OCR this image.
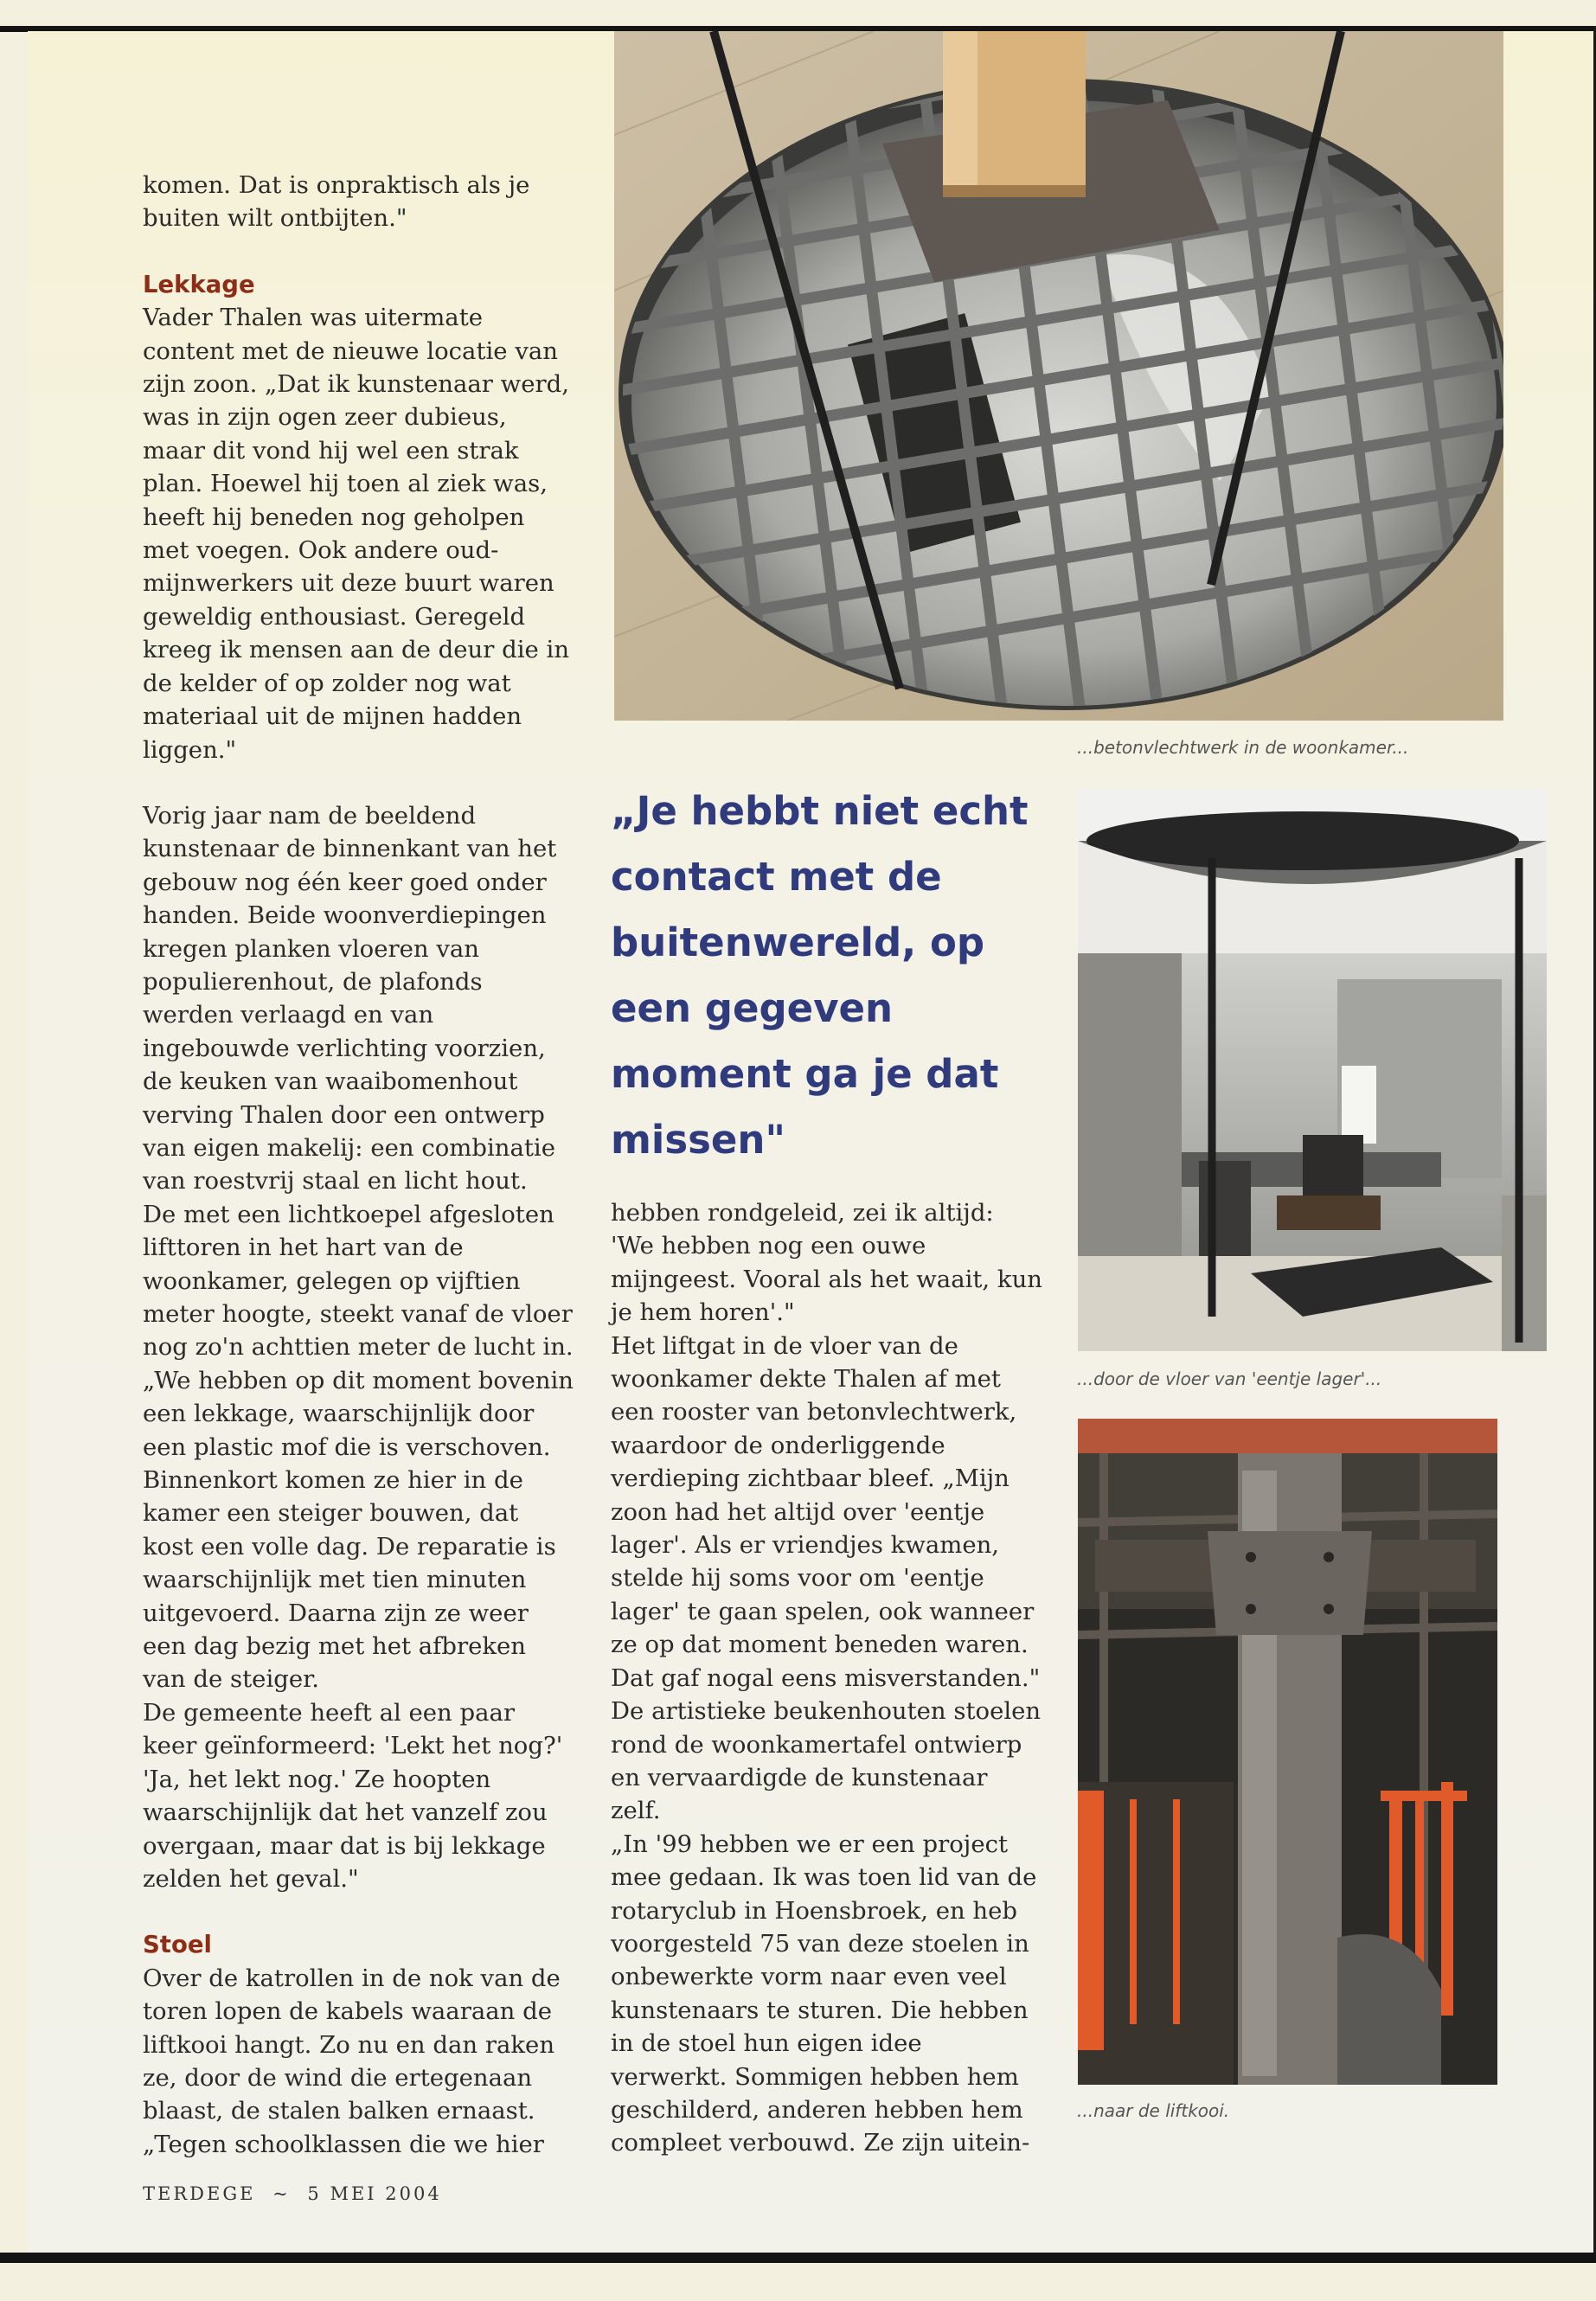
komen. Dat is onpraktisch als je buiten wilt ontbijten."

Lekkage

Vader Thalen was uitermate content met de nieuwe locatie van zijn zoon. „Dat ik kunstenaar werd, was in zijn ogen zeer dubieus, maar dit vond hij wel een strak plan. Hoewel hij toen al ziek was, heeft hij beneden nog geholpen met voegen. Ook andere oud-mijnwerkers uit deze buurt waren geweldig enthousiast. Geregeld kreeg ik mensen aan de deur die in de kelder of op zolder nog wat materiaal uit de mijnen hadden liggen."

Vorig jaar nam de beeldend kunstenaar de binnenkant van het gebouw nog één keer goed onder handen. Beide woonverdiepingen kregen planken vloeren van populierenhout, de plafonds werden verlaagd en van ingebouwde verlichting voorzien, de keuken van waaibomenhout verving Thalen door een ontwerp van eigen makelij: een combinatie van roestvrij staal en licht hout.

De met een lichtkoepel afgesloten lifttoren in het hart van de woonkamer, gelegen op vijftien meter hoogte, steekt vanaf de vloer nog zo'n achttien meter de lucht in.

„We hebben op dit moment bovenin een lekkage, waarschijnlijk door een plastic mof die is verschoven. Binnenkort komen ze hier in de kamer een steiger bouwen, dat kost een volle dag. De reparatie is waarschijnlijk met tien minuten uitgevoerd. Daarna zijn ze weer een dag bezig met het afbreken van de steiger.

De gemeente heeft al een paar keer geïnformeerd: 'Lekt het nog?'

'Ja, het lekt nog.' Ze hoopten waarschijnlijk dat het vanzelf zou overgaan, maar dat is bij lekkage zelden het geval."

Stoel

Over de katrollen in de nok van de toren lopen de kabels waaraan de liftkooi hangt. Zo nu en dan raken ze, door de wind die ertegenaan blaast, de stalen balken ernaast.

„Tegen schoolklassen die we hier

„Je hebbt niet echt contact met de buitenwereld, op een gegeven moment ga je dat missen"

hebben rondgeleid, zei ik altijd: 'We hebben nog een ouwe mijngeest. Vooral als het waait, kun je hem horen'."

Het liftgat in de vloer van de woonkamer dekte Thalen af met een rooster van betonvlechtwerk, waardoor de onderliggende verdieping zichtbaar bleef. „Mijn zoon had het altijd over 'eentje lager'. Als er vriendjes kwamen, stelde hij soms voor om 'eentje lager' te gaan spelen, ook wanneer ze op dat moment beneden waren. Dat gaf nogal eens misverstanden."

De artistieke beukenhouten stoelen rond de woonkamertafel ontwierp en vervaardigde de kunstenaar zelf.

„In '99 hebben we er een project mee gedaan. Ik was toen lid van de rotaryclub in Hoensbroek, en heb voorgesteld 75 van deze stoelen in onbewerkte vorm naar even veel kunstenaars te sturen. Die hebben in de stoel hun eigen idee verwerkt. Sommigen hebben hem geschilderd, anderen hebben hem compleet verbouwd. Ze zijn uitein-

...betonvlechtwerk in de woonkamer...
...door de vloer van 'eentje lager'...
...naar de liftkooi.
TERDEGE ~ 5 MEI 2004
